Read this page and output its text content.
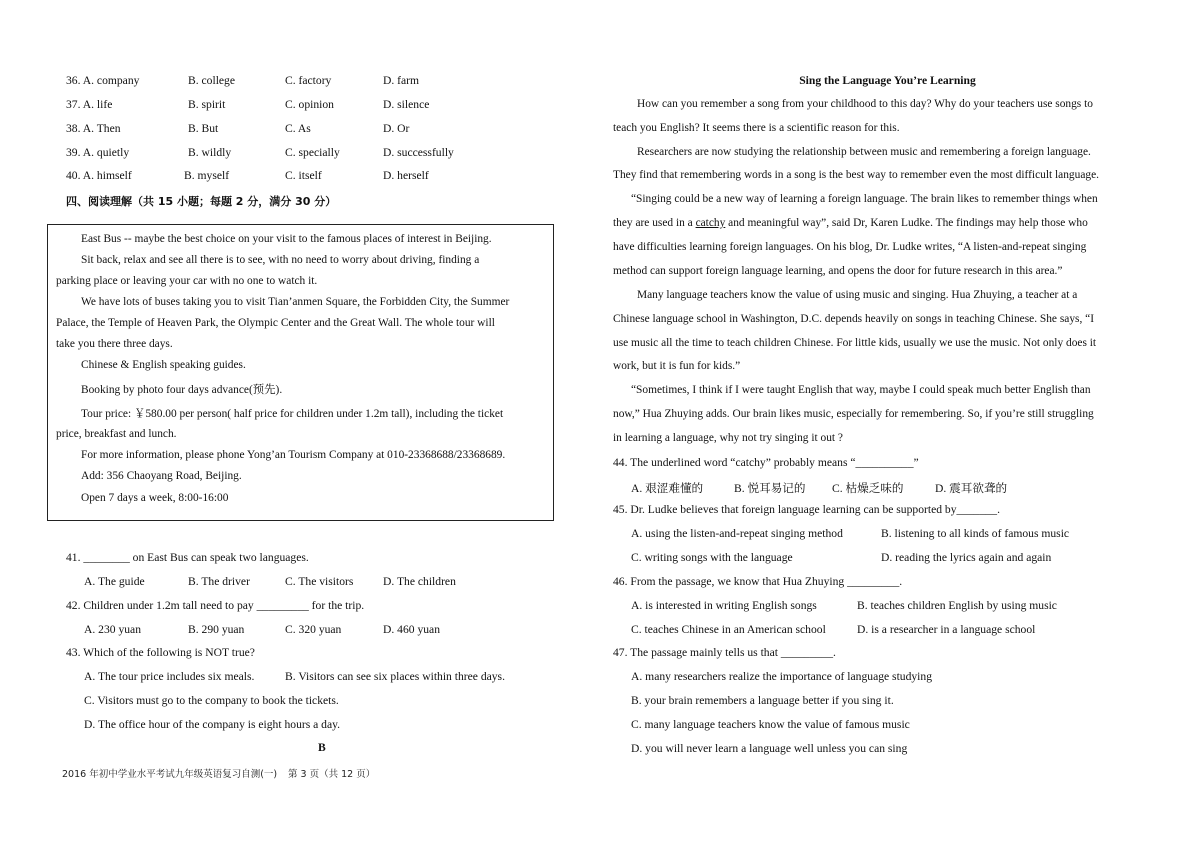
36. A. company	B. college	C. factory	D. farm
37. A. life	B. spirit	C. opinion	D. silence
38. A. Then	B. But	C. As	D. Or
39. A. quietly	B. wildly	C. specially	D. successfully
40. A. himself	B. myself	C. itself	D. herself
四、阅读理解（共 15 小题；每题 2 分，满分 30 分）
East Bus -- maybe the best choice on your visit to the famous places of interest in Beijing.
Sit back, relax and see all there is to see, with no need to worry about driving, finding a
parking place or leaving your car with no one to watch it.
We have lots of buses taking you to visit Tian’anmen Square, the Forbidden City, the Summer
Palace, the Temple of Heaven Park, the Olympic Center and the Great Wall. The whole tour will
take you there three days.
Chinese & English speaking guides.
Booking by photo four days advance(预先).
Tour price: ￥580.00 per person( half price for children under 1.2m tall), including the ticket
price, breakfast and lunch.
For more information, please phone Yong’an Tourism Company at 010-23368688/23368689.
Add: 356 Chaoyang Road, Beijing.
Open 7 days a week, 8:00-16:00
41. ________ on East Bus can speak two languages.
A. The guide	B. The driver	C. The visitors	D. The children
42. Children under 1.2m tall need to pay _________ for the trip.
A. 230 yuan	B. 290 yuan	C. 320 yuan	D. 460 yuan
43. Which of the following is NOT true?
A. The tour price includes six meals.	B. Visitors can see six places within three days.
C. Visitors must go to the company to book the tickets.
D. The office hour of the company is eight hours a day.
B
2016 年初中学业水平考试九年级英语复习自测(一) 第 3 页（共 12 页）
Sing the Language You’re Learning
How can you remember a song from your childhood to this day? Why do your teachers use songs to
teach you English? It seems there is a scientific reason for this.
Researchers are now studying the relationship between music and remembering a foreign language.
They find that remembering words in a song is the best way to remember even the most difficult language.
“Singing could be a new way of learning a foreign language. The brain likes to remember things when
they are used in a catchy and meaningful way”, said Dr, Karen Ludke. The findings may help those who
have difficulties learning foreign languages. On his blog, Dr. Ludke writes, “A listen-and-repeat singing
method can support foreign language learning, and opens the door for future research in this area.”
Many language teachers know the value of using music and singing. Hua Zhuying, a teacher at a
Chinese language school in Washington, D.C. depends heavily on songs in teaching Chinese. She says, “I
use music all the time to teach children Chinese. For little kids, usually we use the music. Not only does it
work, but it is fun for kids.”
“Sometimes, I think if I were taught English that way, maybe I could speak much better English than
now,” Hua Zhuying adds. Our brain likes music, especially for remembering. So, if you’re still struggling
in learning a language, why not try singing it out ?
44. The underlined word “catchy” probably means “__________”
A. 艰涩难懂的	B. 悦耳易记的 C. 枯燥乏味的	D. 震耳欲聋的
45. Dr. Ludke believes that foreign language learning can be supported by_______.
A. using the listen-and-repeat singing method	B. listening to all kinds of famous music
C. writing songs with the language	D. reading the lyrics again and again
46. From the passage, we know that Hua Zhuying _________.
A. is interested in writing English songs	B. teaches children English by using music
C. teaches Chinese in an American school	D. is a researcher in a language school
47. The passage mainly tells us that _________.
A. many researchers realize the importance of language studying
B. your brain remembers a language better if you sing it.
C. many language teachers know the value of famous music
D. you will never learn a language well unless you can sing
